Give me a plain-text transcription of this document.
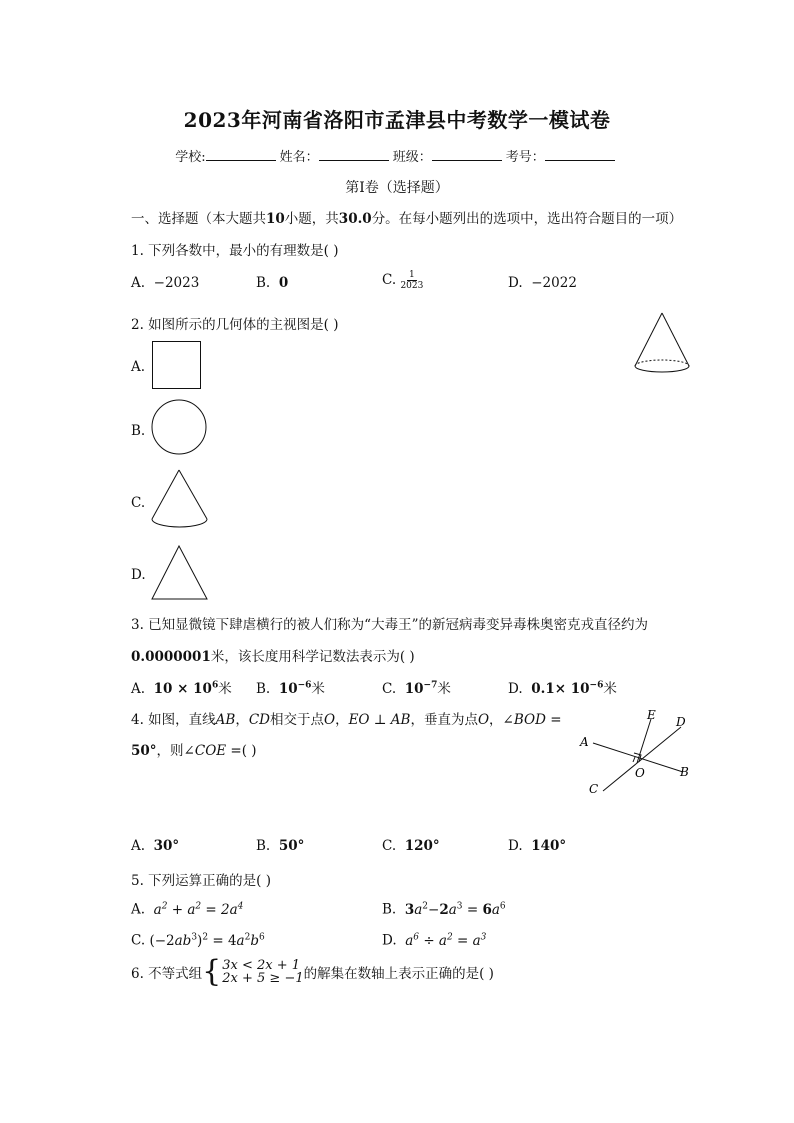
2023年河南省洛阳市孟津县中考数学一模试卷
学校:	姓名：	班级：	考号：
第I卷（选择题）
一、选择题（本大题共10小题，共30.0分。在每小题列出的选项中，选出符合题目的一项）
1. 下列各数中，最小的有理数是( )
A. −2023	B. 0	C. $\frac{1}{2023}$	D. −2022
2. 如图所示的几何体的主视图是( )
A.
B.
C.
D.
3. 已知显微镜下肆虐横行的被人们称为“大毒王”的新冠病毒变异毒株奥密克戎直径约为
0.0000001米，该长度用科学记数法表示为( )
A. $10 \times 10^6$米 B. $10^{-6}$米	C. $10^{-7}$米	D. $0.1\times 10^{-6}$米
4. 如图，直线AB，CD相交于点O，EO ⊥ AB，垂直为点O，∠BOD =
50°，则∠COE =( )
E D
A
O	B
C
A. 30°	B. 50°	C. 120°	D. 140°
5. 下列运算正确的是( )
A. $a^2 + a^2 = 2a^4$	B. $3a^2-2a^3 = 6a^6$
C. $(-2ab^3)^2 = 4a^2b^6$	D. $a^6 \div a^2 = a^3$
6. 不等式组 { 3x < 2x + 1
2x + 5 ≥ −1 的解集在数轴上表示正确的是( )
